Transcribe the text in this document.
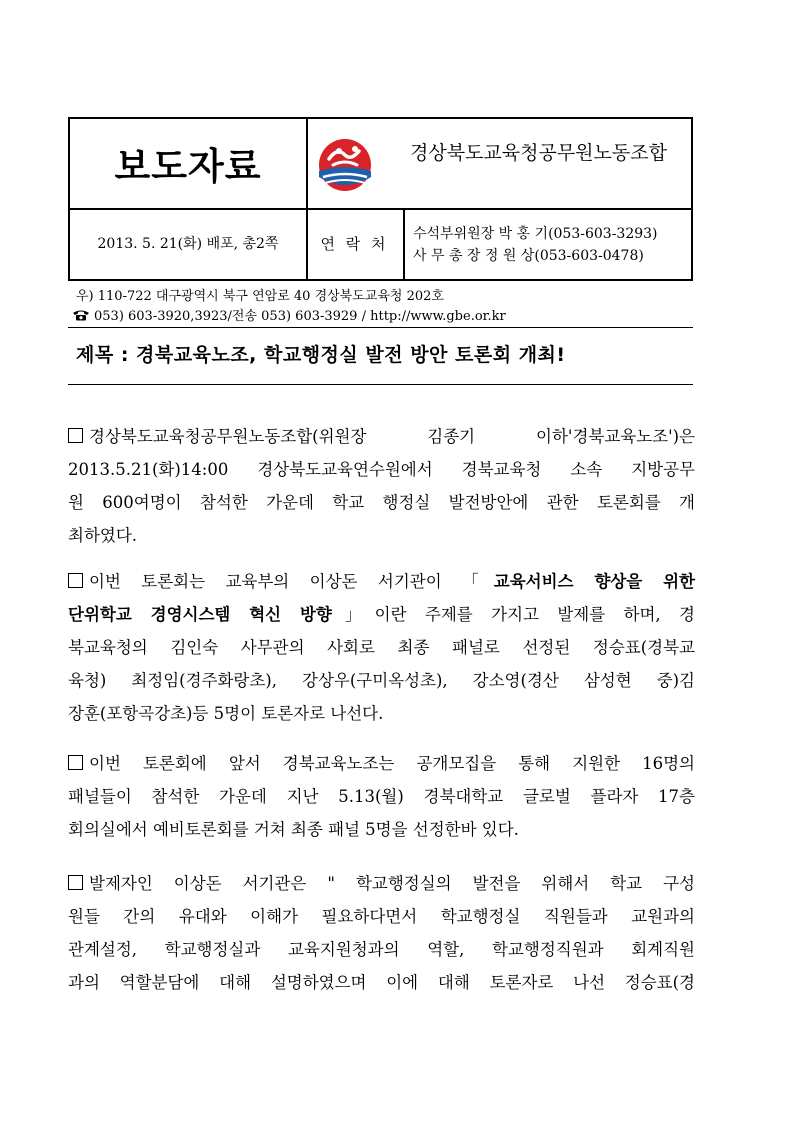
보도자료
2013. 5. 21(화) 배포, 총2쪽
경상북도교육청공무원노동조합
연 락 처
수석부위원장 박 홍 기(053-603-3293)
사 무 총 장 정 원 상(053-603-0478)
우) 110-722 대구광역시 북구 연암로 40 경상북도교육청 202호
053) 603-3920,3923/전송 053) 603-3929 / http://www.gbe.or.kr
제목 : 경북교육노조, 학교행정실 발전 방안 토론회 개최!
경상북도교육청공무원노동조합(위원장 김종기 이하'경북교육노조')은
2013.5.21(화)14:00 경상북도교육연수원에서 경북교육청 소속 지방공무
원 600여명이 참석한 가운데 학교 행정실 발전방안에 관한 토론회를 개
최하였다.
이번 토론회는 교육부의 이상돈 서기관이 「교육서비스 향상을 위한
단위학교 경영시스템 혁신 방향」이란 주제를 가지고 발제를 하며, 경
북교육청의 김인숙 사무관의 사회로 최종 패널로 선정된 정승표(경북교
육청) 최정임(경주화랑초), 강상우(구미옥성초), 강소영(경산 삼성현 중)김
장훈(포항곡강초)등 5명이 토론자로 나선다.
이번 토론회에 앞서 경북교육노조는 공개모집을 통해 지원한 16명의
패널들이 참석한 가운데 지난 5.13(월) 경북대학교 글로벌 플라자 17층
회의실에서 예비토론회를 거쳐 최종 패널 5명을 선정한바 있다.
발제자인 이상돈 서기관은 " 학교행정실의 발전을 위해서 학교 구성
원들 간의 유대와 이해가 필요하다면서 학교행정실 직원들과 교원과의
관계설정, 학교행정실과 교육지원청과의 역할, 학교행정직원과 회계직원
과의 역할분담에 대해 설명하였으며 이에 대해 토론자로 나선 정승표(경
